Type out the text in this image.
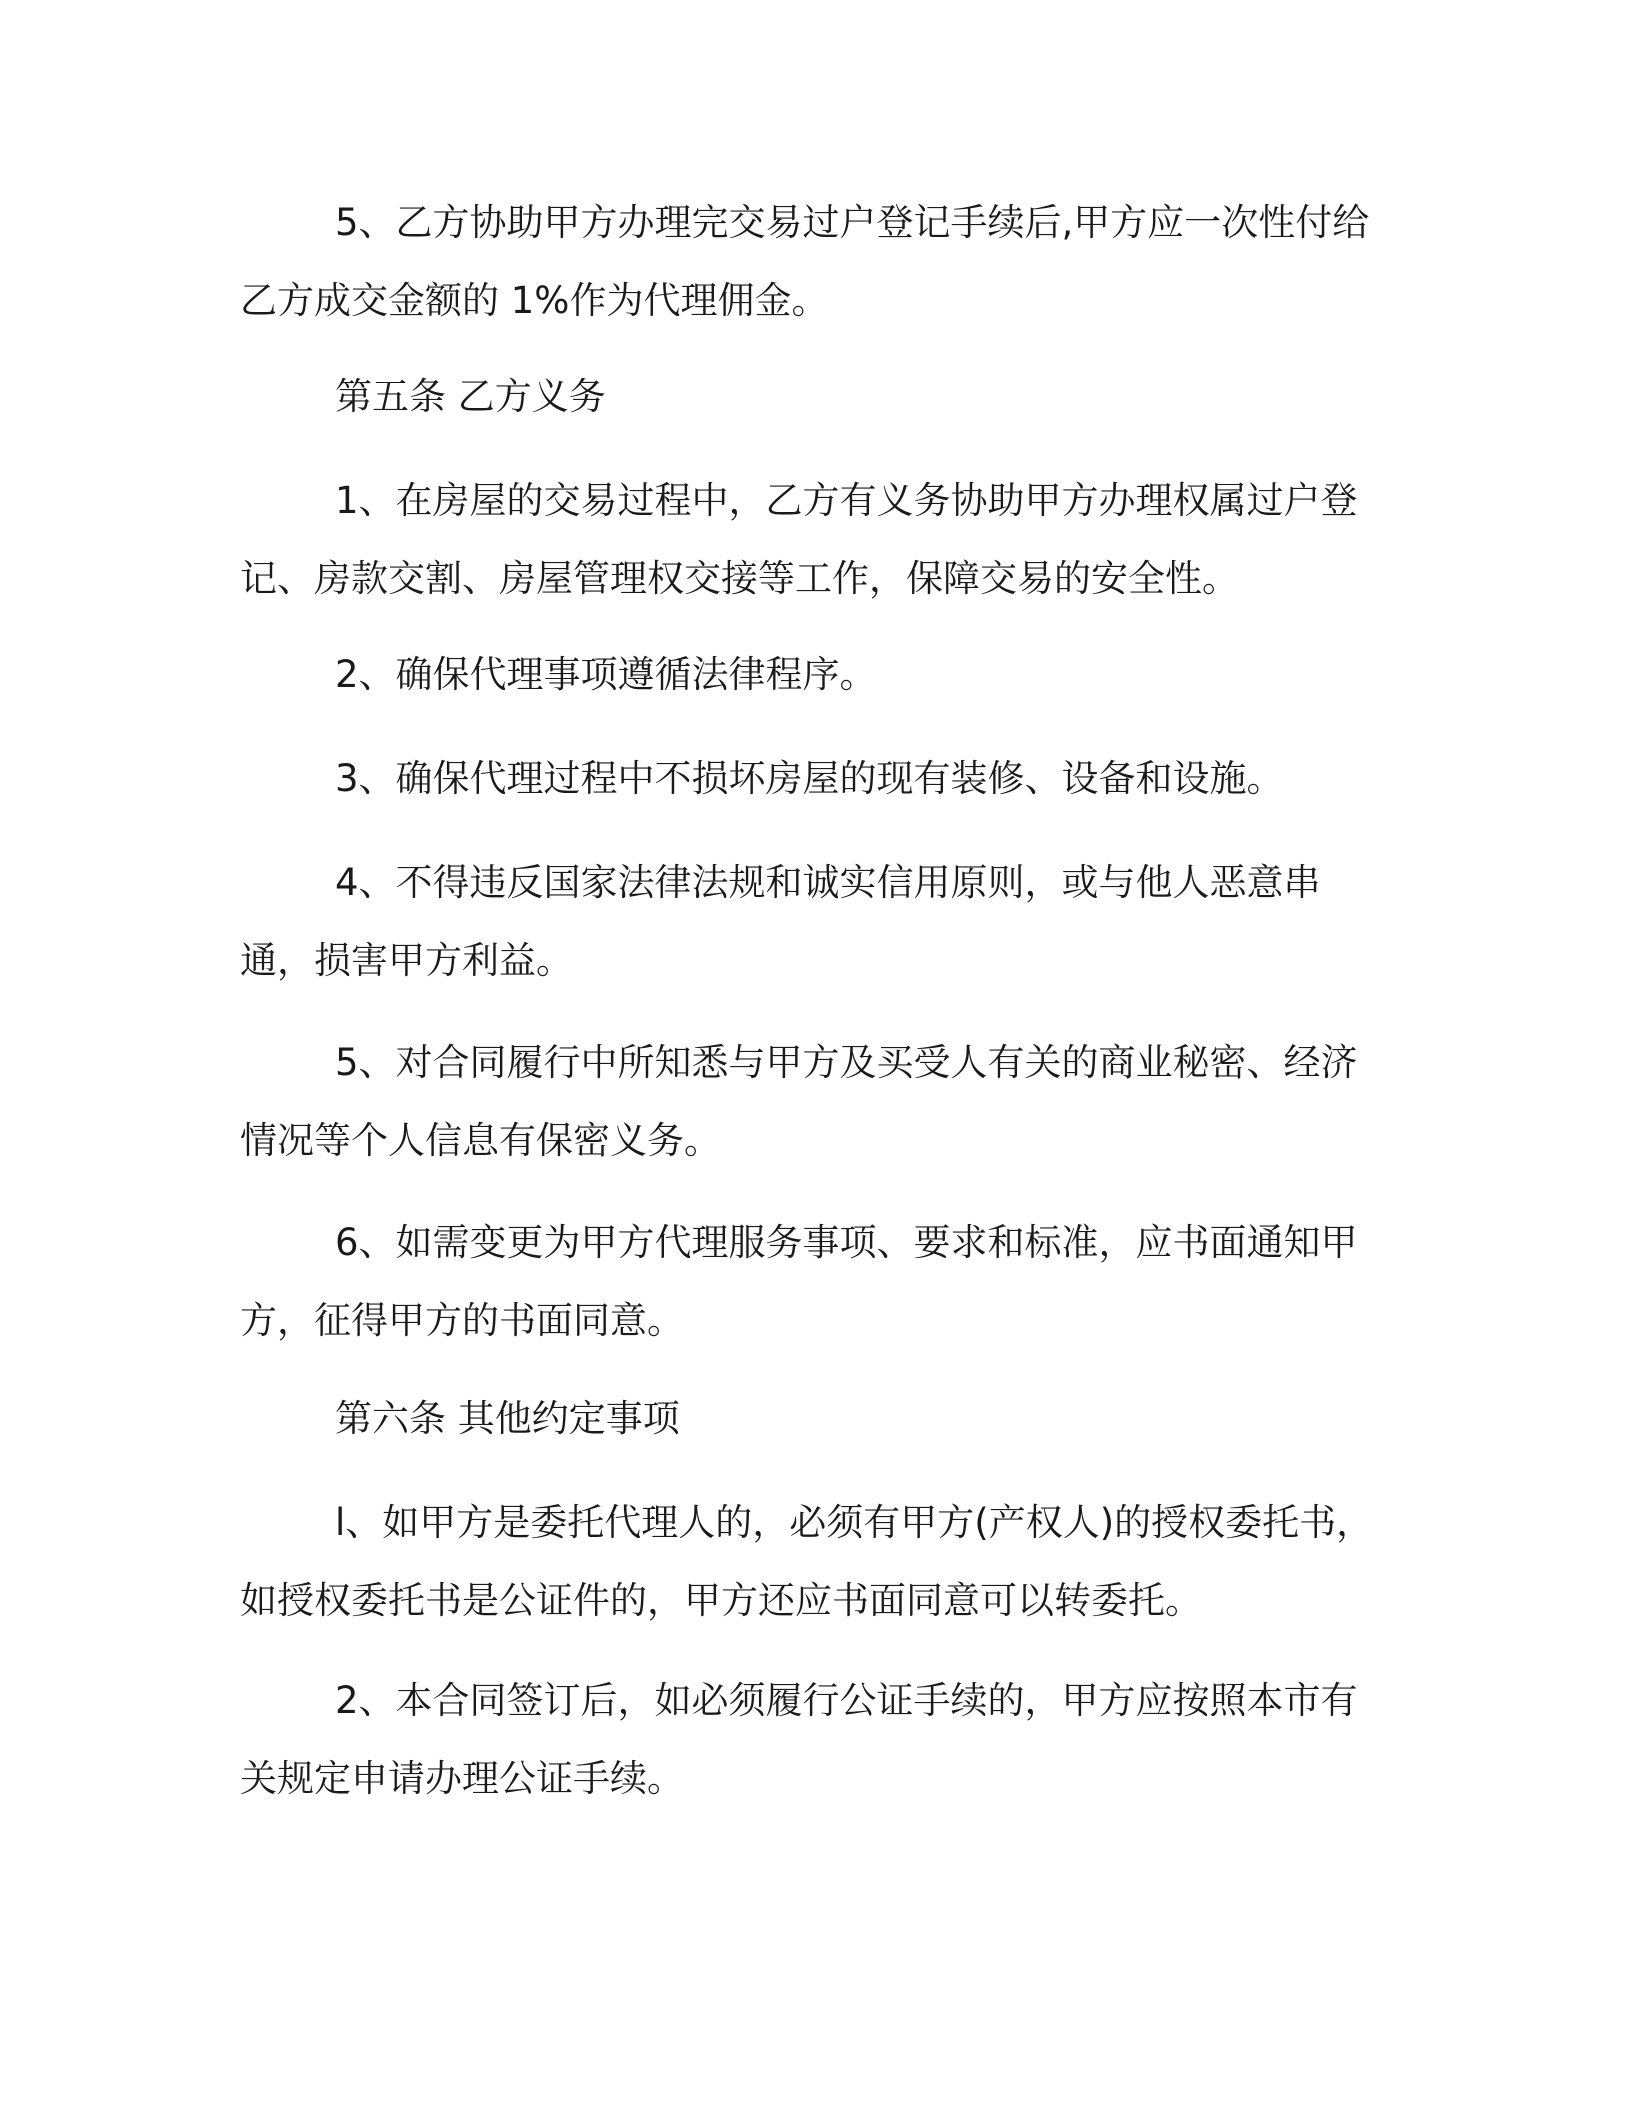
5、乙方协助甲方办理完交易过户登记手续后,甲方应一次性付给乙方成交金额的 1%作为代理佣金。

第五条 乙方义务

1、在房屋的交易过程中，乙方有义务协助甲方办理权属过户登记、房款交割、房屋管理权交接等工作，保障交易的安全性。

2、确保代理事项遵循法律程序。

3、确保代理过程中不损坏房屋的现有装修、设备和设施。

4、不得违反国家法律法规和诚实信用原则，或与他人恶意串通，损害甲方利益。

5、对合同履行中所知悉与甲方及买受人有关的商业秘密、经济情况等个人信息有保密义务。

6、如需变更为甲方代理服务事项、要求和标准，应书面通知甲方，征得甲方的书面同意。

第六条 其他约定事项

l、如甲方是委托代理人的，必须有甲方(产权人)的授权委托书，如授权委托书是公证件的，甲方还应书面同意可以转委托。

2、本合同签订后，如必须履行公证手续的，甲方应按照本市有关规定申请办理公证手续。
